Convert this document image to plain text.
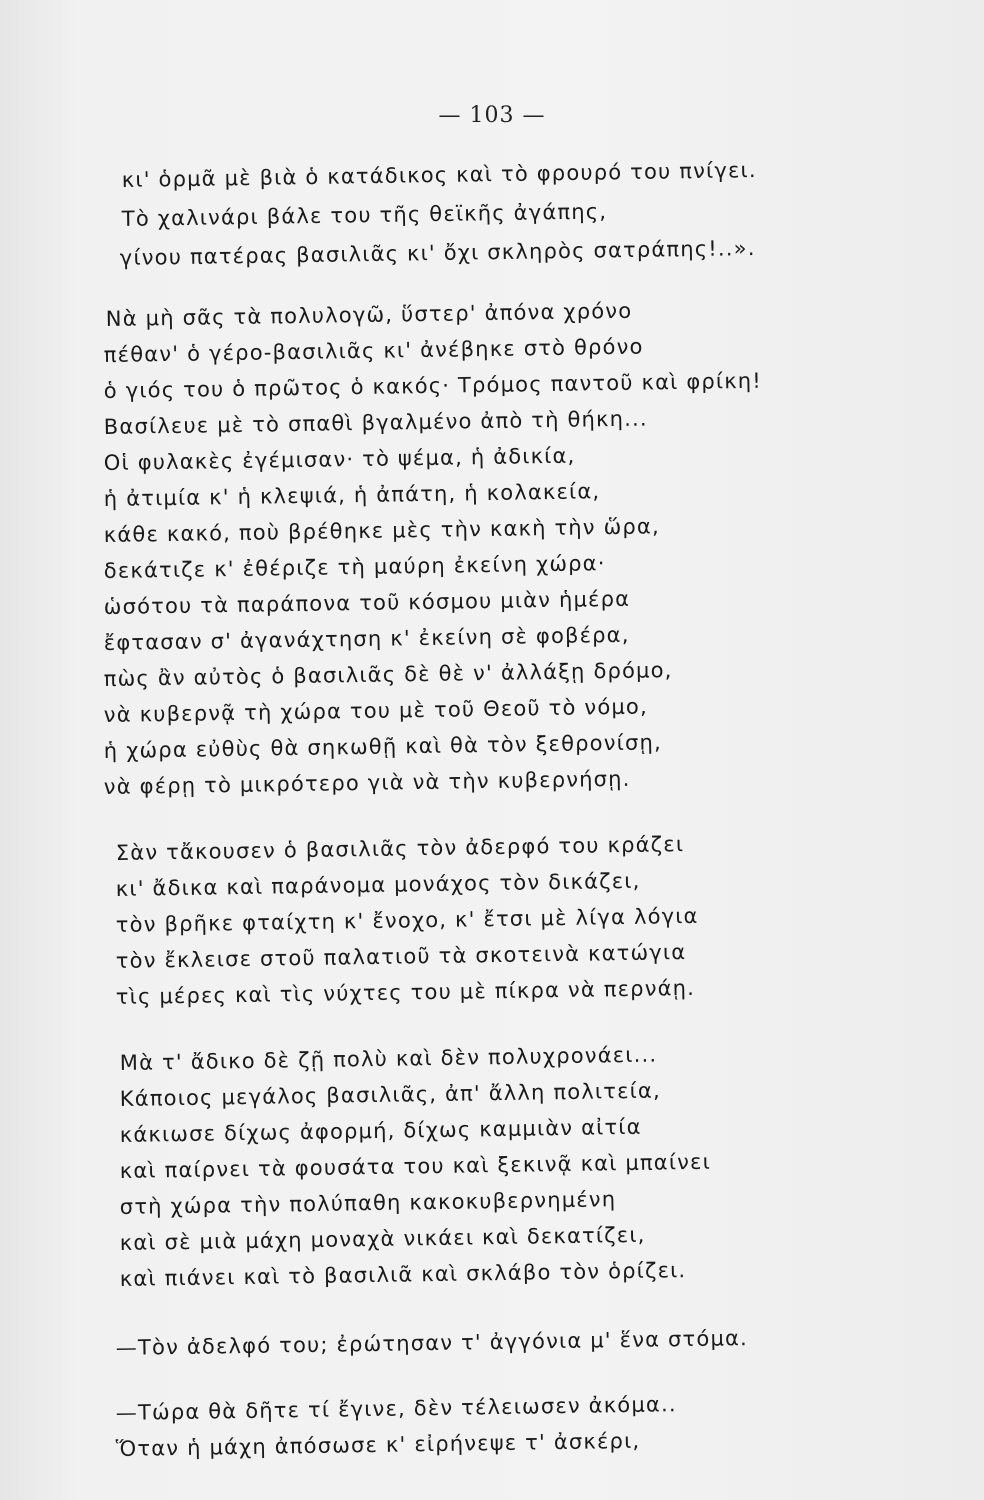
— 103 —
κι' ὁρμᾶ μὲ βιὰ ὁ κατάδικος καὶ τὸ φρουρό του πνίγει.
Τὸ χαλινάρι βάλε του τῆς θεϊκῆς ἀγάπης,
γίνου πατέρας βασιλιᾶς κι' ὄχι σκληρὸς σατράπης!..».
Νὰ μὴ σᾶς τὰ πολυλογῶ, ὕστερ' ἀπόνα χρόνο
πέθαν' ὁ γέρο-βασιλιᾶς κι' ἀνέβηκε στὸ θρόνο
ὁ γιός του ὁ πρῶτος ὁ κακός· Τρόμος παντοῦ καὶ φρίκη!
Βασίλευε μὲ τὸ σπαθὶ βγαλμένο ἀπὸ τὴ θήκη...
Οἱ φυλακὲς ἐγέμισαν· τὸ ψέμα, ἡ ἀδικία,
ἡ ἀτιμία κ' ἡ κλεψιά, ἡ ἀπάτη, ἡ κολακεία,
κάθε κακό, ποὺ βρέθηκε μὲς τὴν κακὴ τὴν ὥρα,
δεκάτιζε κ' ἐθέριζε τὴ μαύρη ἐκείνη χώρα·
ὡσότου τὰ παράπονα τοῦ κόσμου μιὰν ἡμέρα
ἔφτασαν σ' ἀγανάχτηση κ' ἐκείνη σὲ φοβέρα,
πὼς ἂν αὐτὸς ὁ βασιλιᾶς δὲ θὲ ν' ἀλλάξῃ δρόμο,
νὰ κυβερνᾷ τὴ χώρα του μὲ τοῦ Θεοῦ τὸ νόμο,
ἡ χώρα εὐθὺς θὰ σηκωθῇ καὶ θὰ τὸν ξεθρονίσῃ,
νὰ φέρῃ τὸ μικρότερο γιὰ νὰ τὴν κυβερνήσῃ.
Σὰν τἄκουσεν ὁ βασιλιᾶς τὸν ἀδερφό του κράζει
κι' ἄδικα καὶ παράνομα μονάχος τὸν δικάζει,
τὸν βρῆκε φταίχτη κ' ἔνοχο, κ' ἔτσι μὲ λίγα λόγια
τὸν ἔκλεισε στοῦ παλατιοῦ τὰ σκοτεινὰ κατώγια
τὶς μέρες καὶ τὶς νύχτες του μὲ πίκρα νὰ περνάῃ.
Μὰ τ' ἄδικο δὲ ζῇ πολὺ καὶ δὲν πολυχρονάει...
Κάποιος μεγάλος βασιλιᾶς, ἀπ' ἄλλη πολιτεία,
κάκιωσε δίχως ἀφορμή, δίχως καμμιὰν αἰτία
καὶ παίρνει τὰ φουσάτα του καὶ ξεκινᾷ καὶ μπαίνει
στὴ χώρα τὴν πολύπαθη κακοκυβερνημένη
καὶ σὲ μιὰ μάχη μοναχὰ νικάει καὶ δεκατίζει,
καὶ πιάνει καὶ τὸ βασιλιᾶ καὶ σκλάβο τὸν ὁρίζει.
—Τὸν ἀδελφό του; ἐρώτησαν τ' ἀγγόνια μ' ἕνα στόμα.
—Τώρα θὰ δῆτε τί ἔγινε, δὲν τέλειωσεν ἀκόμα..
Ὅταν ἡ μάχη ἀπόσωσε κ' εἰρήνεψε τ' ἀσκέρι,
